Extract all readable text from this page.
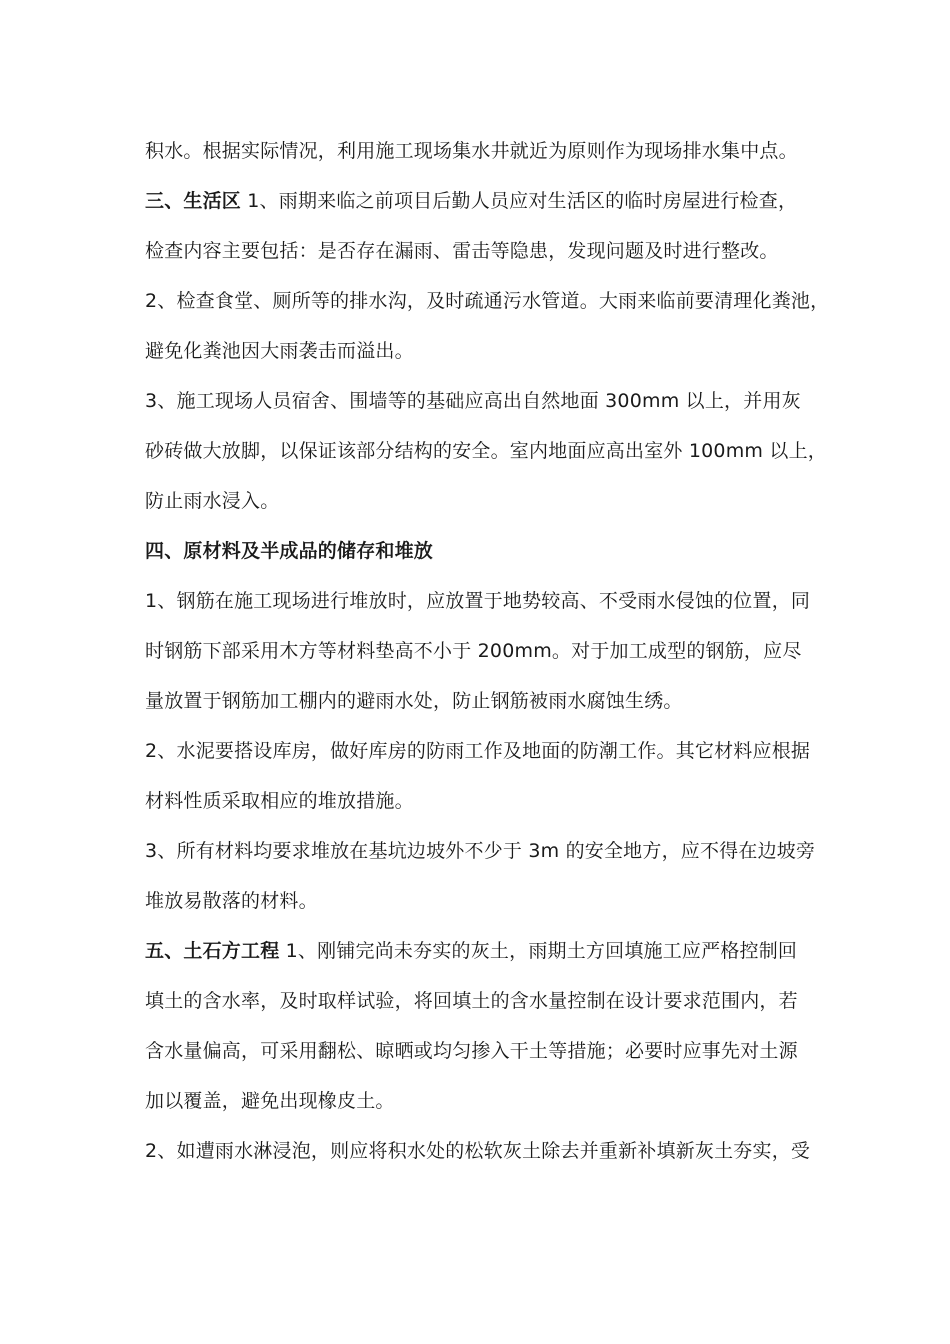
积水。根据实际情况，利用施工现场集水井就近为原则作为现场排水集中点。
三、生活区 1、雨期来临之前项目后勤人员应对生活区的临时房屋进行检查，
检查内容主要包括：是否存在漏雨、雷击等隐患，发现问题及时进行整改。
2、检查食堂、厕所等的排水沟，及时疏通污水管道。大雨来临前要清理化粪池，
避免化粪池因大雨袭击而溢出。
3、施工现场人员宿舍、围墙等的基础应高出自然地面 300mm 以上，并用灰
砂砖做大放脚，以保证该部分结构的安全。室内地面应高出室外 100mm 以上，
防止雨水浸入。
四、原材料及半成品的储存和堆放
1、钢筋在施工现场进行堆放时，应放置于地势较高、不受雨水侵蚀的位置，同
时钢筋下部采用木方等材料垫高不小于 200mm。对于加工成型的钢筋，应尽
量放置于钢筋加工棚内的避雨水处，防止钢筋被雨水腐蚀生绣。
2、水泥要搭设库房，做好库房的防雨工作及地面的防潮工作。其它材料应根据
材料性质采取相应的堆放措施。
3、所有材料均要求堆放在基坑边坡外不少于 3m 的安全地方，应不得在边坡旁
堆放易散落的材料。
五、土石方工程 1、刚铺完尚未夯实的灰土，雨期土方回填施工应严格控制回
填土的含水率，及时取样试验，将回填土的含水量控制在设计要求范围内，若
含水量偏高，可采用翻松、晾晒或均匀掺入干土等措施；必要时应事先对土源
加以覆盖，避免出现橡皮土。
2、如遭雨水淋浸泡，则应将积水处的松软灰土除去并重新补填新灰土夯实，受
